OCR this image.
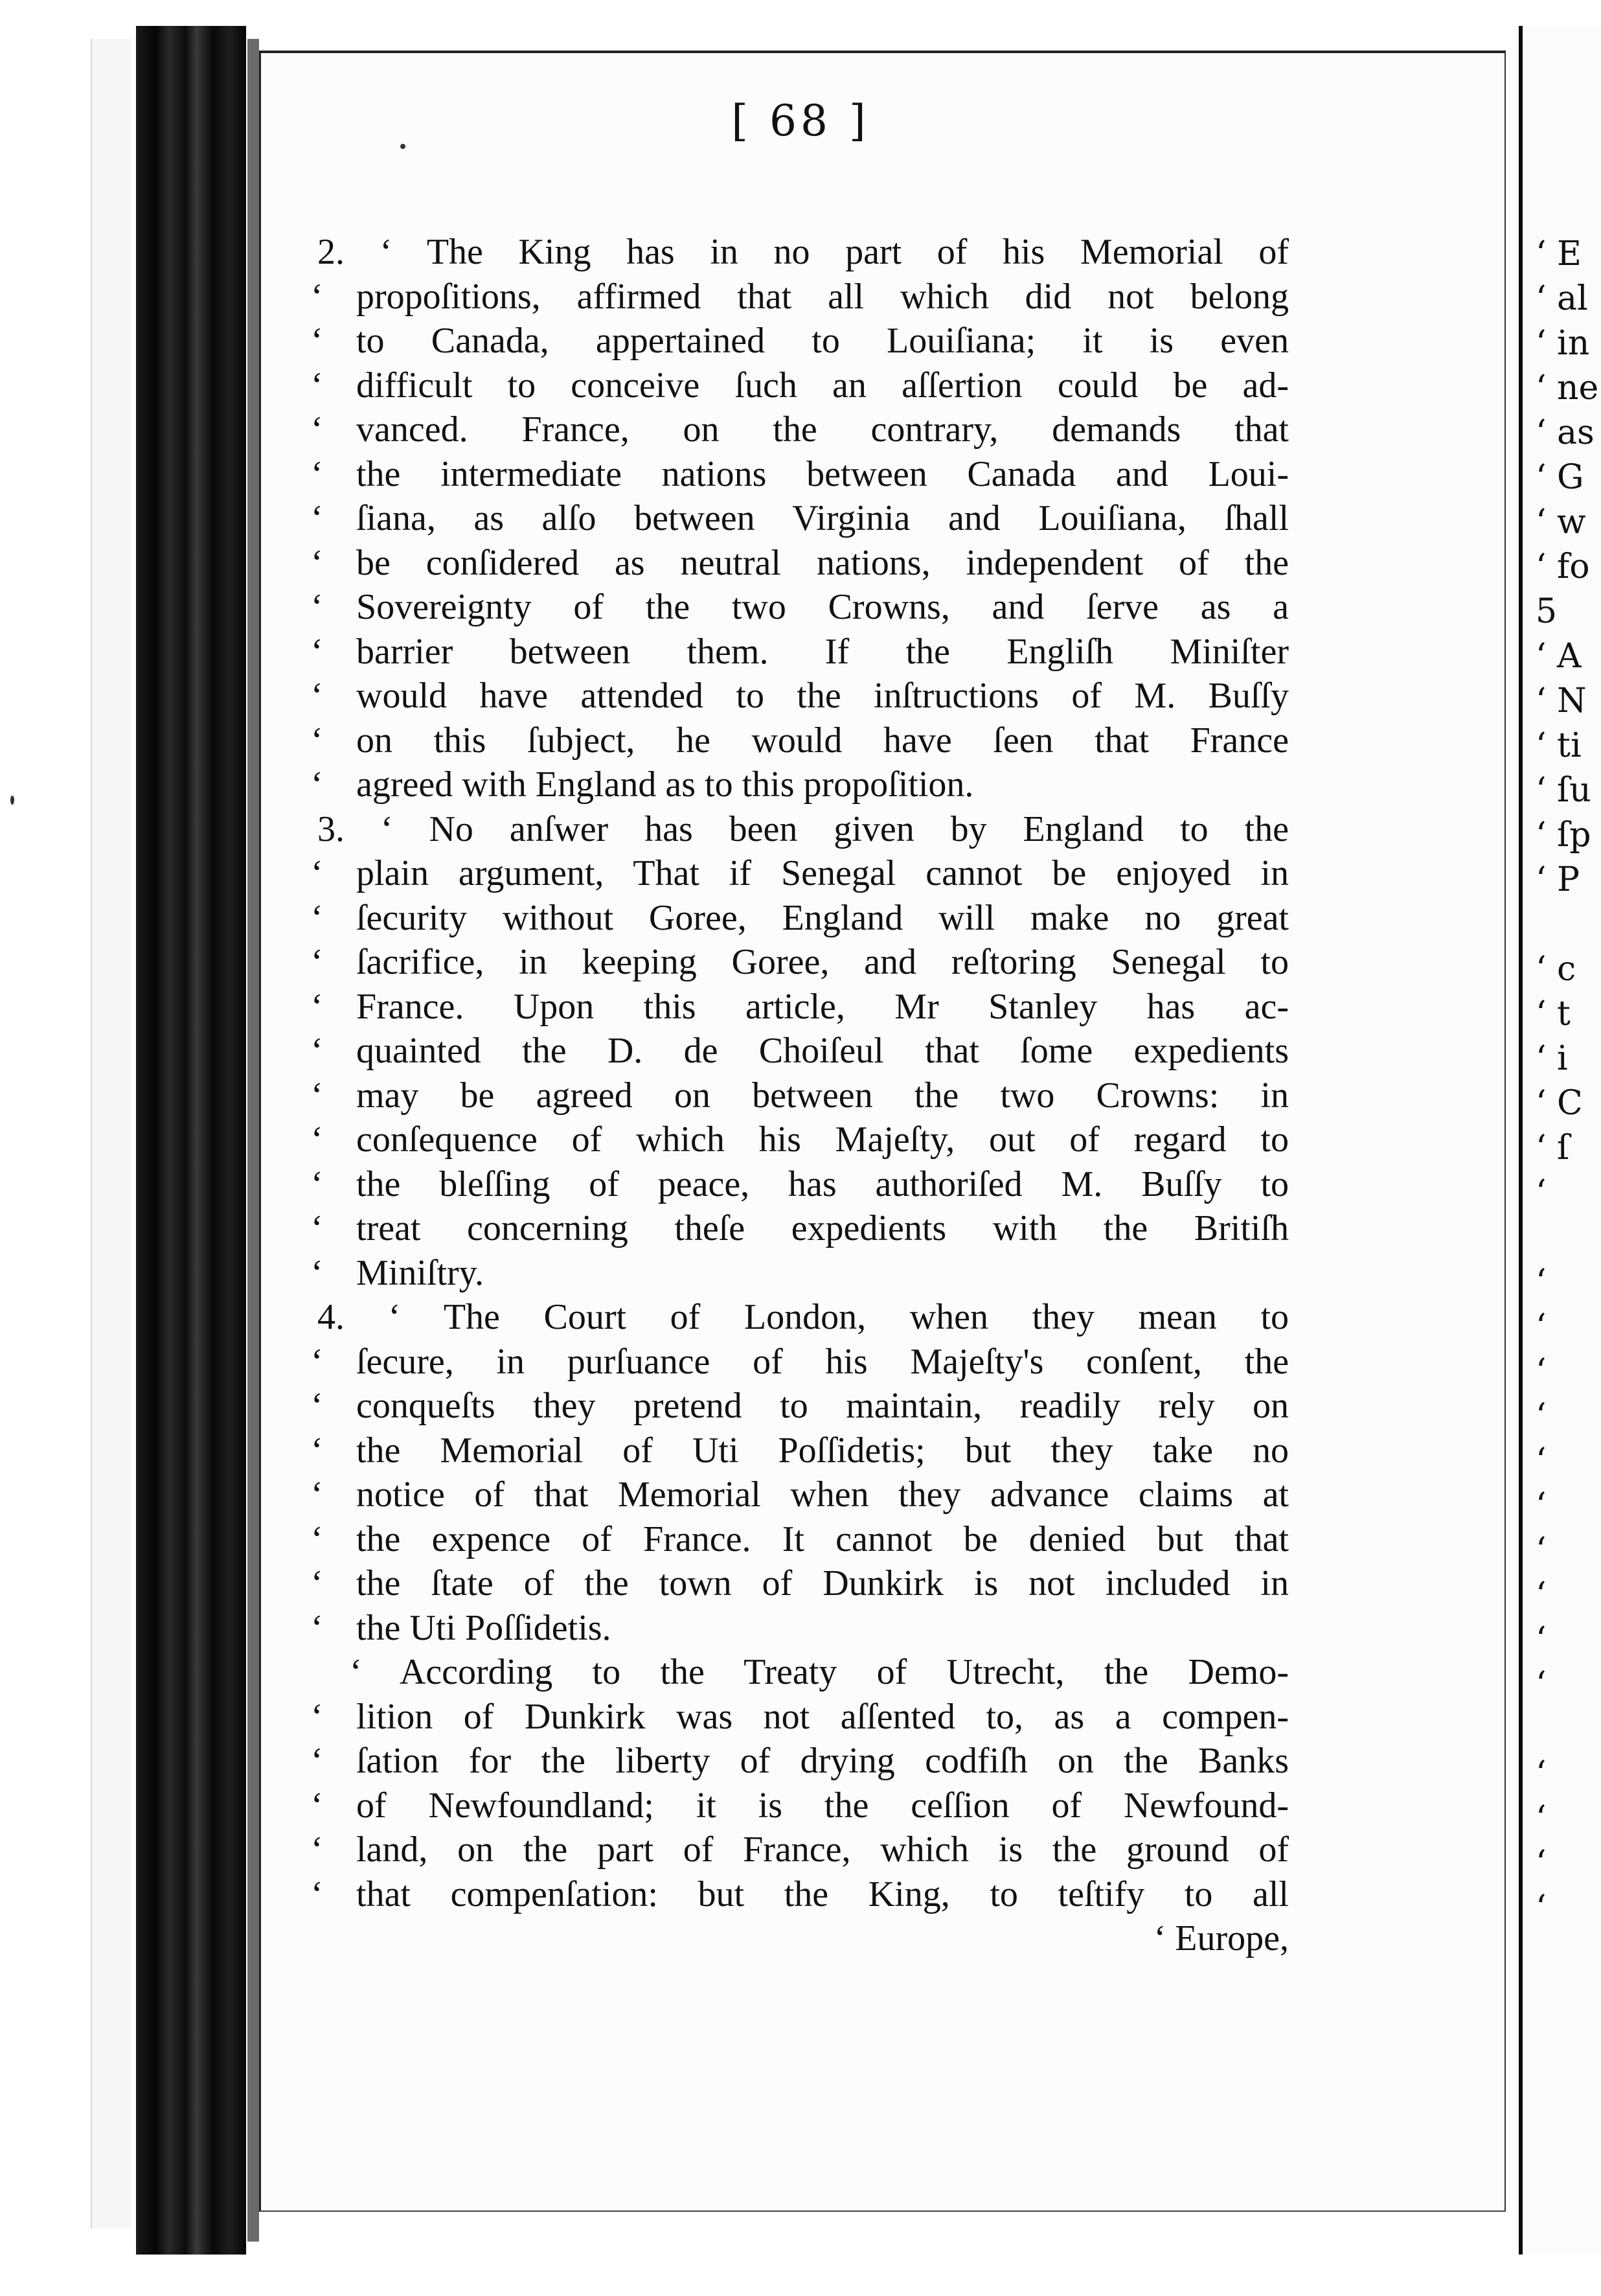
‘ E
‘ al
‘ in
‘ ne
‘ as
‘ G
‘ w
‘ fo
5
‘ A
‘ N
‘ ti
‘ ſu
‘ ſp
‘ P
‘ c
‘ t
‘ i
‘ C
‘ ſ
‘
‘
‘
‘
‘
‘
‘
‘
‘
‘
‘
‘
‘
‘
‘
[ 68 ]
2. ‘ The King has in no part of his Memorial of
‘ propoſitions, affirmed that all which did not belong
‘ to Canada, appertained to Louiſiana; it is even
‘ difficult to conceive ſuch an aſſertion could be ad-
‘ vanced. France, on the contrary, demands that
‘ the intermediate nations between Canada and Loui-
‘ ſiana, as alſo between Virginia and Louiſiana, ſhall
‘ be conſidered as neutral nations, independent of the
‘ Sovereignty of the two Crowns, and ſerve as a
‘ barrier between them. If the Engliſh Miniſter
‘ would have attended to the inſtructions of M. Buſſy
‘ on this ſubject, he would have ſeen that France
‘ agreed with England as to this propoſition.
3. ‘ No anſwer has been given by England to the
‘ plain argument, That if Senegal cannot be enjoyed in
‘ ſecurity without Goree, England will make no great
‘ ſacrifice, in keeping Goree, and reſtoring Senegal to
‘ France. Upon this article, Mr Stanley has ac-
‘ quainted the D. de Choiſeul that ſome expedients
‘ may be agreed on between the two Crowns: in
‘ conſequence of which his Majeſty, out of regard to
‘ the bleſſing of peace, has authoriſed M. Buſſy to
‘ treat concerning theſe expedients with the Britiſh
‘ Miniſtry.
4. ‘ The Court of London, when they mean to
‘ ſecure, in purſuance of his Majeſty's conſent, the
‘ conqueſts they pretend to maintain, readily rely on
‘ the Memorial of Uti Poſſidetis; but they take no
‘ notice of that Memorial when they advance claims at
‘ the expence of France. It cannot be denied but that
‘ the ſtate of the town of Dunkirk is not included in
‘ the Uti Poſſidetis.
‘ According to the Treaty of Utrecht, the Demo-
‘ lition of Dunkirk was not aſſented to, as a compen-
‘ ſation for the liberty of drying codfiſh on the Banks
‘ of Newfoundland; it is the ceſſion of Newfound-
‘ land, on the part of France, which is the ground of
‘ that compenſation: but the King, to teſtify to all
‘ Europe,
